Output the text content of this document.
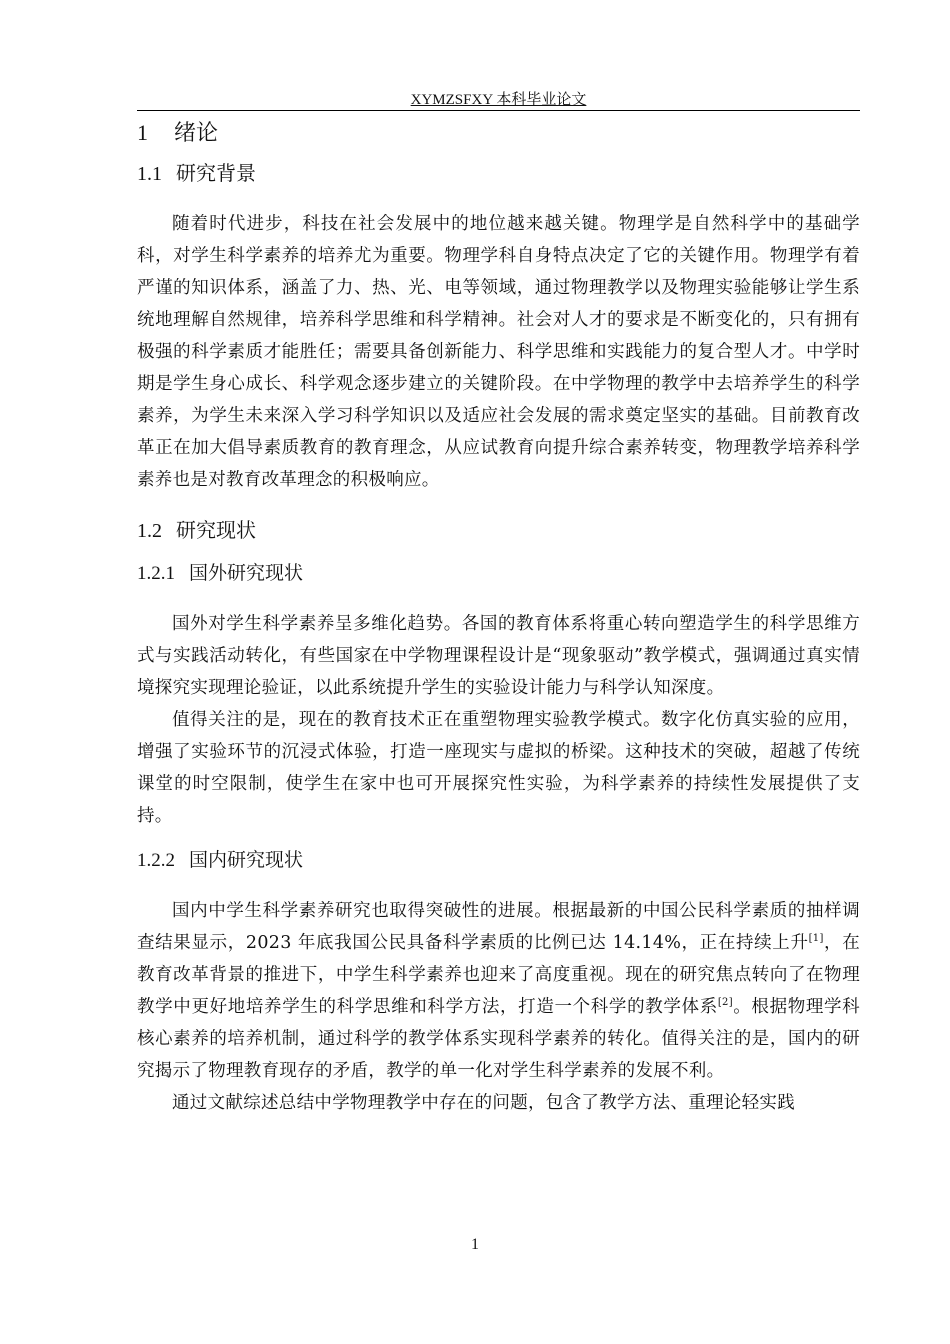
XYMZSFXY 本科毕业论文
1 绪论
1.1 研究背景

随着时代进步，科技在社会发展中的地位越来越关键。物理学是自然科学中的基础学科，对学生科学素养的培养尤为重要。物理学科自身特点决定了它的关键作用。物理学有着严谨的知识体系，涵盖了力、热、光、电等领域，通过物理教学以及物理实验能够让学生系统地理解自然规律，培养科学思维和科学精神。社会对人才的要求是不断变化的，只有拥有极强的科学素质才能胜任；需要具备创新能力、科学思维和实践能力的复合型人才。中学时期是学生身心成长、科学观念逐步建立的关键阶段。在中学物理的教学中去培养学生的科学素养，为学生未来深入学习科学知识以及适应社会发展的需求奠定坚实的基础。目前教育改革正在加大倡导素质教育的教育理念，从应试教育向提升综合素养转变，物理教学培养科学素养也是对教育改革理念的积极响应。

1.2 研究现状
1.2.1 国外研究现状

国外对学生科学素养呈多维化趋势。各国的教育体系将重心转向塑造学生的科学思维方式与实践活动转化，有些国家在中学物理课程设计是“现象驱动”教学模式，强调通过真实情境探究实现理论验证，以此系统提升学生的实验设计能力与科学认知深度。

值得关注的是，现在的教育技术正在重塑物理实验教学模式。数字化仿真实验的应用，增强了实验环节的沉浸式体验，打造一座现实与虚拟的桥梁。这种技术的突破，超越了传统课堂的时空限制，使学生在家中也可开展探究性实验，为科学素养的持续性发展提供了支持。

1.2.2 国内研究现状

国内中学生科学素养研究也取得突破性的进展。根据最新的中国公民科学素质的抽样调查结果显示，2023 年底我国公民具备科学素质的比例已达 14.14%，正在持续上升[1]，在教育改革背景的推进下，中学生科学素养也迎来了高度重视。现在的研究焦点转向了在物理教学中更好地培养学生的科学思维和科学方法，打造一个科学的教学体系[2]。根据物理学科核心素养的培养机制，通过科学的教学体系实现科学素养的转化。值得关注的是，国内的研究揭示了物理教育现存的矛盾，教学的单一化对学生科学素养的发展不利。

通过文献综述总结中学物理教学中存在的问题，包含了教学方法、重理论轻实践

1
